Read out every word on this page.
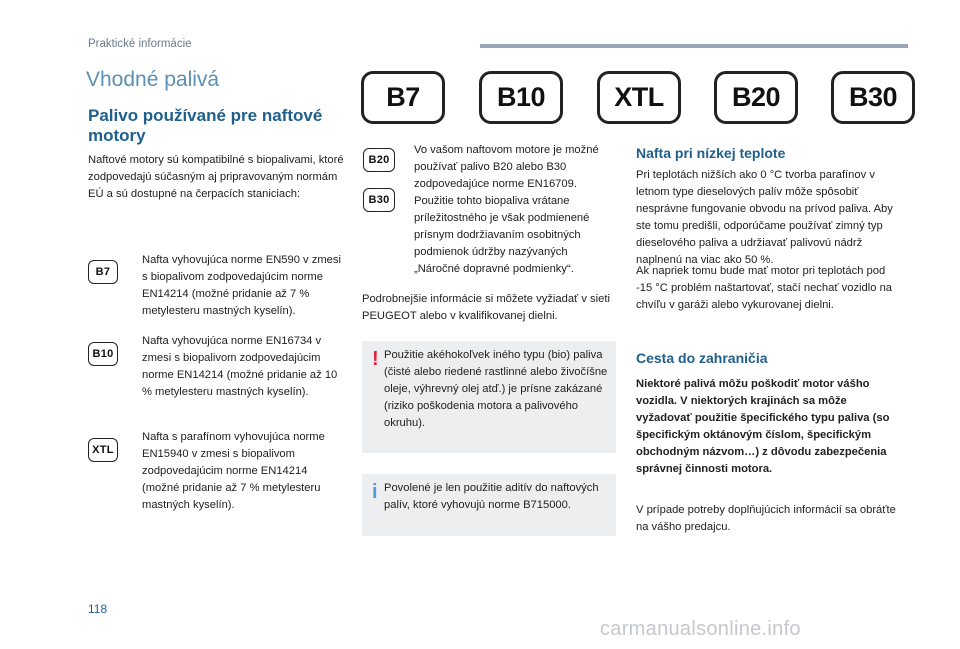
Praktické informácie
Vhodné palivá
B7	B10	XTL	B20	B30
Palivo používané pre naftové motory
Naftové motory sú kompatibilné s biopalivami, ktoré zodpovedajú súčasným aj pripravovaným normám EÚ a sú dostupné na čerpacích staniciach:
B7
Nafta vyhovujúca norme EN590 v zmesi s biopalivom zodpovedajúcim norme EN14214 (možné pridanie až 7 % metylesteru mastných kyselín).
B10
Nafta vyhovujúca norme EN16734 v zmesi s biopalivom zodpovedajúcim norme EN14214 (možné pridanie až 10 % metylesteru mastných kyselín).
XTL
Nafta s parafínom vyhovujúca norme EN15940 v zmesi s biopalivom zodpovedajúcim norme EN14214 (možné pridanie až 7 % metylesteru mastných kyselín).
B20
B30
Vo vašom naftovom motore je možné používať palivo B20 alebo B30 zodpovedajúce norme EN16709. Použitie tohto biopaliva vrátane príležitostného je však podmienené prísnym dodržiavaním osobitných podmienok údržby nazývaných „Náročné dopravné podmienky“.
Podrobnejšie informácie si môžete vyžiadať v sieti PEUGEOT alebo v kvalifikovanej dielni.
! Použitie akéhokoľvek iného typu (bio) paliva (čisté alebo riedené rastlinné alebo živočíšne oleje, výhrevný olej atď.) je prísne zakázané (riziko poškodenia motora a palivového okruhu).
i Povolené je len použitie aditív do naftových palív, ktoré vyhovujú norme B715000.
Nafta pri nízkej teplote
Pri teplotách nižších ako 0 °C tvorba parafínov v letnom type dieselových palív môže spôsobiť nesprávne fungovanie obvodu na prívod paliva. Aby ste tomu predišli, odporúčame používať zimný typ dieselového paliva a udržiavať palivovú nádrž naplnenú na viac ako 50 %.
Ak napriek tomu bude mať motor pri teplotách pod -15 °C problém naštartovať, stačí nechať vozidlo na chvíľu v garáži alebo vykurovanej dielni.
Cesta do zahraničia
Niektoré palivá môžu poškodiť motor vášho vozidla. V niektorých krajinách sa môže vyžadovať použitie špecifického typu paliva (so špecifickým oktánovým číslom, špecifickým obchodným názvom…) z dôvodu zabezpečenia správnej činnosti motora.
V prípade potreby doplňujúcich informácií sa obráťte na vášho predajcu.
118
carmanualsonline.info
